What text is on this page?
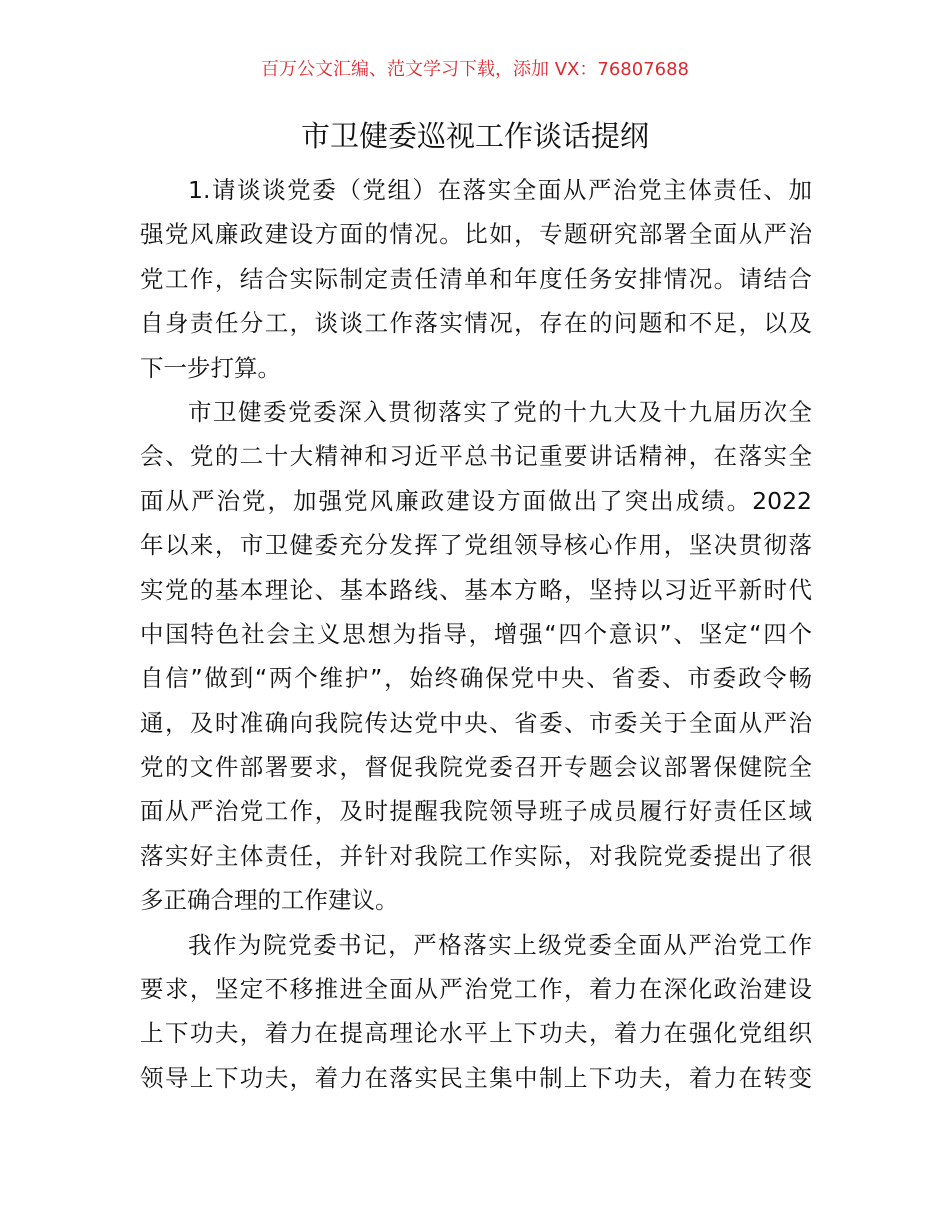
百万公文汇编、范文学习下载，添加 VX：76807688
市卫健委巡视工作谈话提纲
1.请谈谈党委（党组）在落实全面从严治党主体责任、加
强党风廉政建设方面的情况。比如，专题研究部署全面从严治
党工作，结合实际制定责任清单和年度任务安排情况。请结合
自身责任分工，谈谈工作落实情况，存在的问题和不足，以及
下一步打算。
市卫健委党委深入贯彻落实了党的十九大及十九届历次全
会、党的二十大精神和习近平总书记重要讲话精神，在落实全
面从严治党，加强党风廉政建设方面做出了突出成绩。2022
年以来，市卫健委充分发挥了党组领导核心作用，坚决贯彻落
实党的基本理论、基本路线、基本方略，坚持以习近平新时代
中国特色社会主义思想为指导，增强“四个意识”、坚定“四个
自信”做到“两个维护”，始终确保党中央、省委、市委政令畅
通，及时准确向我院传达党中央、省委、市委关于全面从严治
党的文件部署要求，督促我院党委召开专题会议部署保健院全
面从严治党工作，及时提醒我院领导班子成员履行好责任区域
落实好主体责任，并针对我院工作实际，对我院党委提出了很
多正确合理的工作建议。
我作为院党委书记，严格落实上级党委全面从严治党工作
要求，坚定不移推进全面从严治党工作，着力在深化政治建设
上下功夫，着力在提高理论水平上下功夫，着力在强化党组织
领导上下功夫，着力在落实民主集中制上下功夫，着力在转变
